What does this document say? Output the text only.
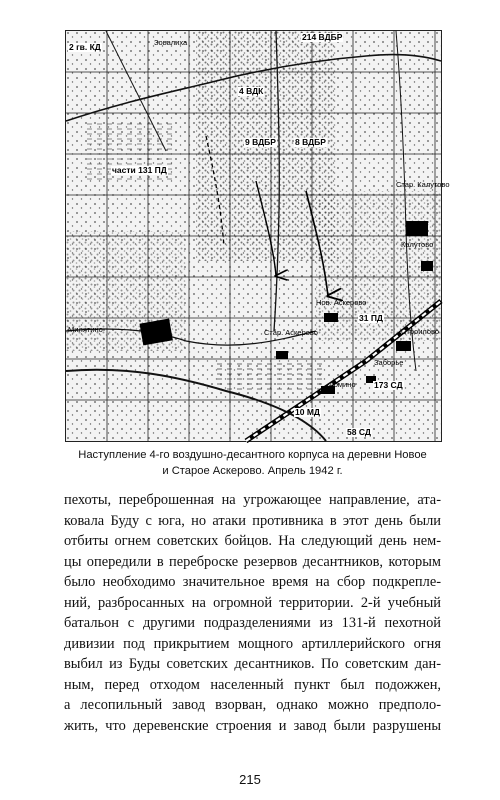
2 гв. КД
214 ВДБР
4 ВДК
9 ВДБР 8 ВДБР
части 131 ПД
31 ПД
173 СД
10 МД
58 СД
Зовалиха
Стар. Калутово
Калутово
Нов. Аскерово
Стар. Аскерово
Милятино	Строилово
Фомино
Заборье

Наступление 4-го воздушно-десантного корпуса на деревни Новое
и Старое Аскерово. Апрель 1942 г.

пехоты, переброшенная на угрожающее направление, ата-
ковала Буду с юга, но атаки противника в этот день были
отбиты огнем советских бойцов. На следующий день нем-
цы опередили в переброске резервов десантников, которым
было необходимо значительное время на сбор подкрепле-
ний, разбросанных на огромной территории. 2-й учебный
батальон с другими подразделениями из 131-й пехотной
дивизии под прикрытием мощного артиллерийского огня
выбил из Буды советских десантников. По советским дан-
ным, перед отходом населенный пункт был подожжен,
а лесопильный завод взорван, однако можно предполо-
жить, что деревенские строения и завод были разрушены
215
